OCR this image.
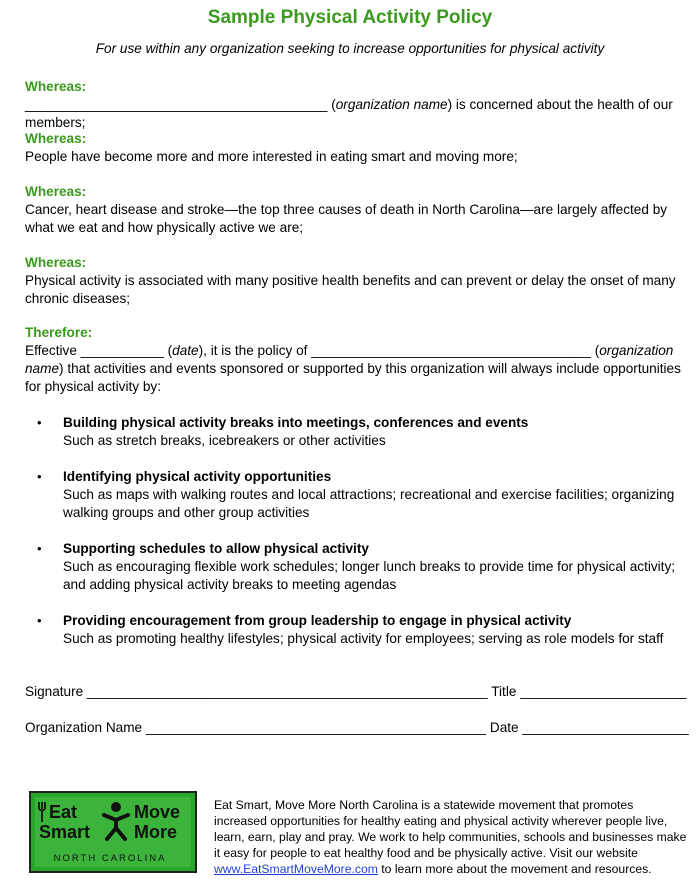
Sample Physical Activity Policy
For use within any organization seeking to increase opportunities for physical activity
Whereas:
________________________________________ (organization name) is concerned about the health of our members;
Whereas:
People have become more and more interested in eating smart and moving more;
Whereas:
Cancer, heart disease and stroke—the top three causes of death in North Carolina—are largely affected by what we eat and how physically active we are;
Whereas:
Physical activity is associated with many positive health benefits and can prevent or delay the onset of many chronic diseases;
Therefore:
Effective ___________ (date), it is the policy of _____________________________________ (organization name) that activities and events sponsored or supported by this organization will always include opportunities for physical activity by:
• Building physical activity breaks into meetings, conferences and events
Such as stretch breaks, icebreakers or other activities
• Identifying physical activity opportunities
Such as maps with walking routes and local attractions; recreational and exercise facilities; organizing walking groups and other group activities
• Supporting schedules to allow physical activity
Such as encouraging flexible work schedules; longer lunch breaks to provide time for physical activity; and adding physical activity breaks to meeting agendas
• Providing encouragement from group leadership to engage in physical activity
Such as promoting healthy lifestyles; physical activity for employees; serving as role models for staff
Signature _____________________________________________________ Title ______________________
Organization Name _____________________________________________ Date ______________________
Eat
Smart
Move
More
NORTH CAROLINA
Eat Smart, Move More North Carolina is a statewide movement that promotes increased opportunities for healthy eating and physical activity wherever people live, learn, earn, play and pray. We work to help communities, schools and businesses make it easy for people to eat healthy food and be physically active. Visit our website www.EatSmartMoveMore.com to learn more about the movement and resources.
